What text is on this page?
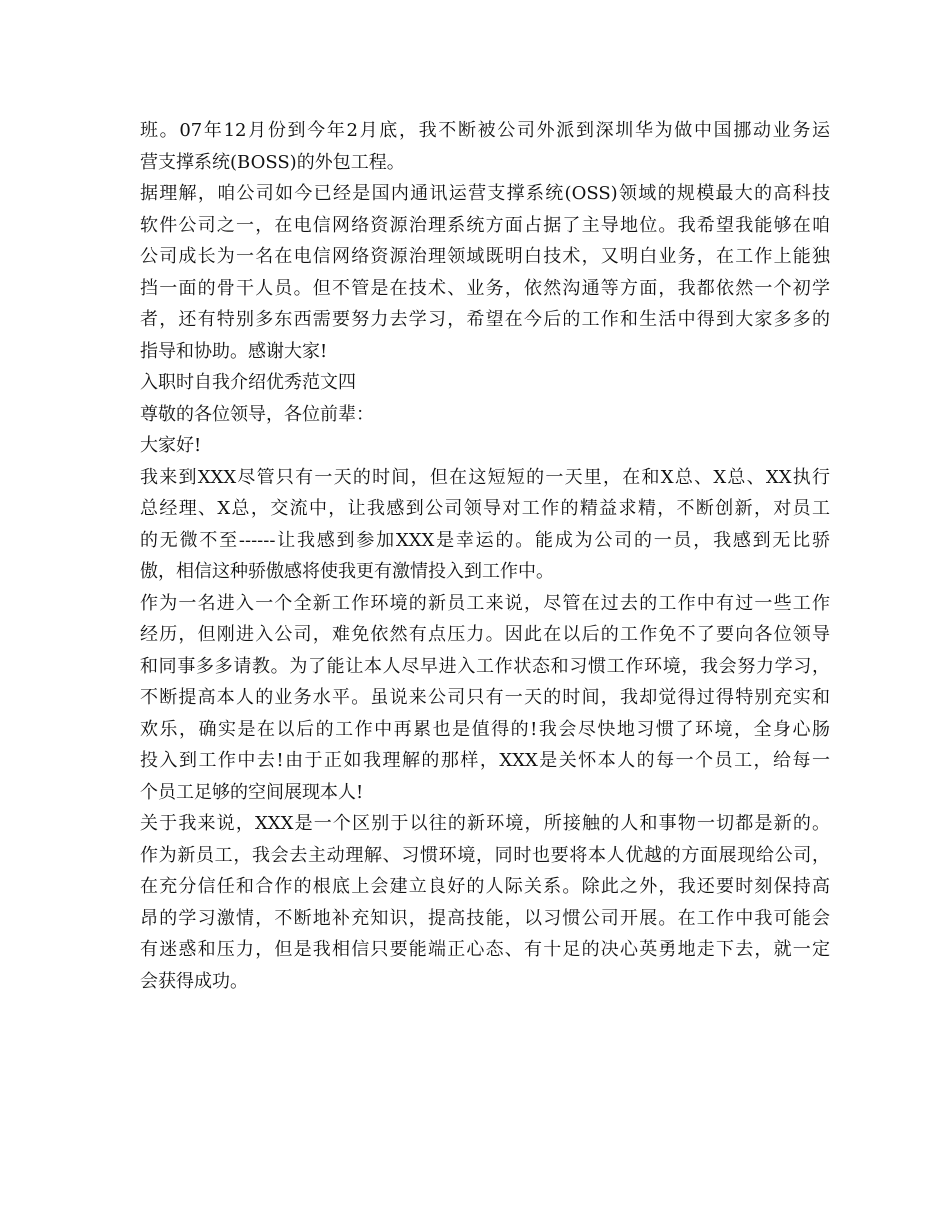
班。07年12月份到今年2月底，我不断被公司外派到深圳华为做中国挪动业务运
营支撑系统(BOSS)的外包工程。
据理解，咱公司如今已经是国内通讯运营支撑系统(OSS)领域的规模最大的高科技
软件公司之一，在电信网络资源治理系统方面占据了主导地位。我希望我能够在咱
公司成长为一名在电信网络资源治理领域既明白技术，又明白业务，在工作上能独
挡一面的骨干人员。但不管是在技术、业务，依然沟通等方面，我都依然一个初学
者，还有特别多东西需要努力去学习，希望在今后的工作和生活中得到大家多多的
指导和协助。感谢大家!
入职时自我介绍优秀范文四
尊敬的各位领导，各位前辈：
大家好!
我来到XXX尽管只有一天的时间，但在这短短的一天里，在和X总、X总、XX执行
总经理、X总，交流中，让我感到公司领导对工作的精益求精，不断创新，对员工
的无微不至------让我感到参加XXX是幸运的。能成为公司的一员，我感到无比骄
傲，相信这种骄傲感将使我更有激情投入到工作中。
作为一名进入一个全新工作环境的新员工来说，尽管在过去的工作中有过一些工作
经历，但刚进入公司，难免依然有点压力。因此在以后的工作免不了要向各位领导
和同事多多请教。为了能让本人尽早进入工作状态和习惯工作环境，我会努力学习，
不断提高本人的业务水平。虽说来公司只有一天的时间，我却觉得过得特别充实和
欢乐，确实是在以后的工作中再累也是值得的!我会尽快地习惯了环境，全身心肠
投入到工作中去!由于正如我理解的那样，XXX是关怀本人的每一个员工，给每一
个员工足够的空间展现本人!
关于我来说，XXX是一个区别于以往的新环境，所接触的人和事物一切都是新的。
作为新员工，我会去主动理解、习惯环境，同时也要将本人优越的方面展现给公司，
在充分信任和合作的根底上会建立良好的人际关系。除此之外，我还要时刻保持高
昂的学习激情，不断地补充知识，提高技能，以习惯公司开展。在工作中我可能会
有迷惑和压力，但是我相信只要能端正心态、有十足的决心英勇地走下去，就一定
会获得成功。
